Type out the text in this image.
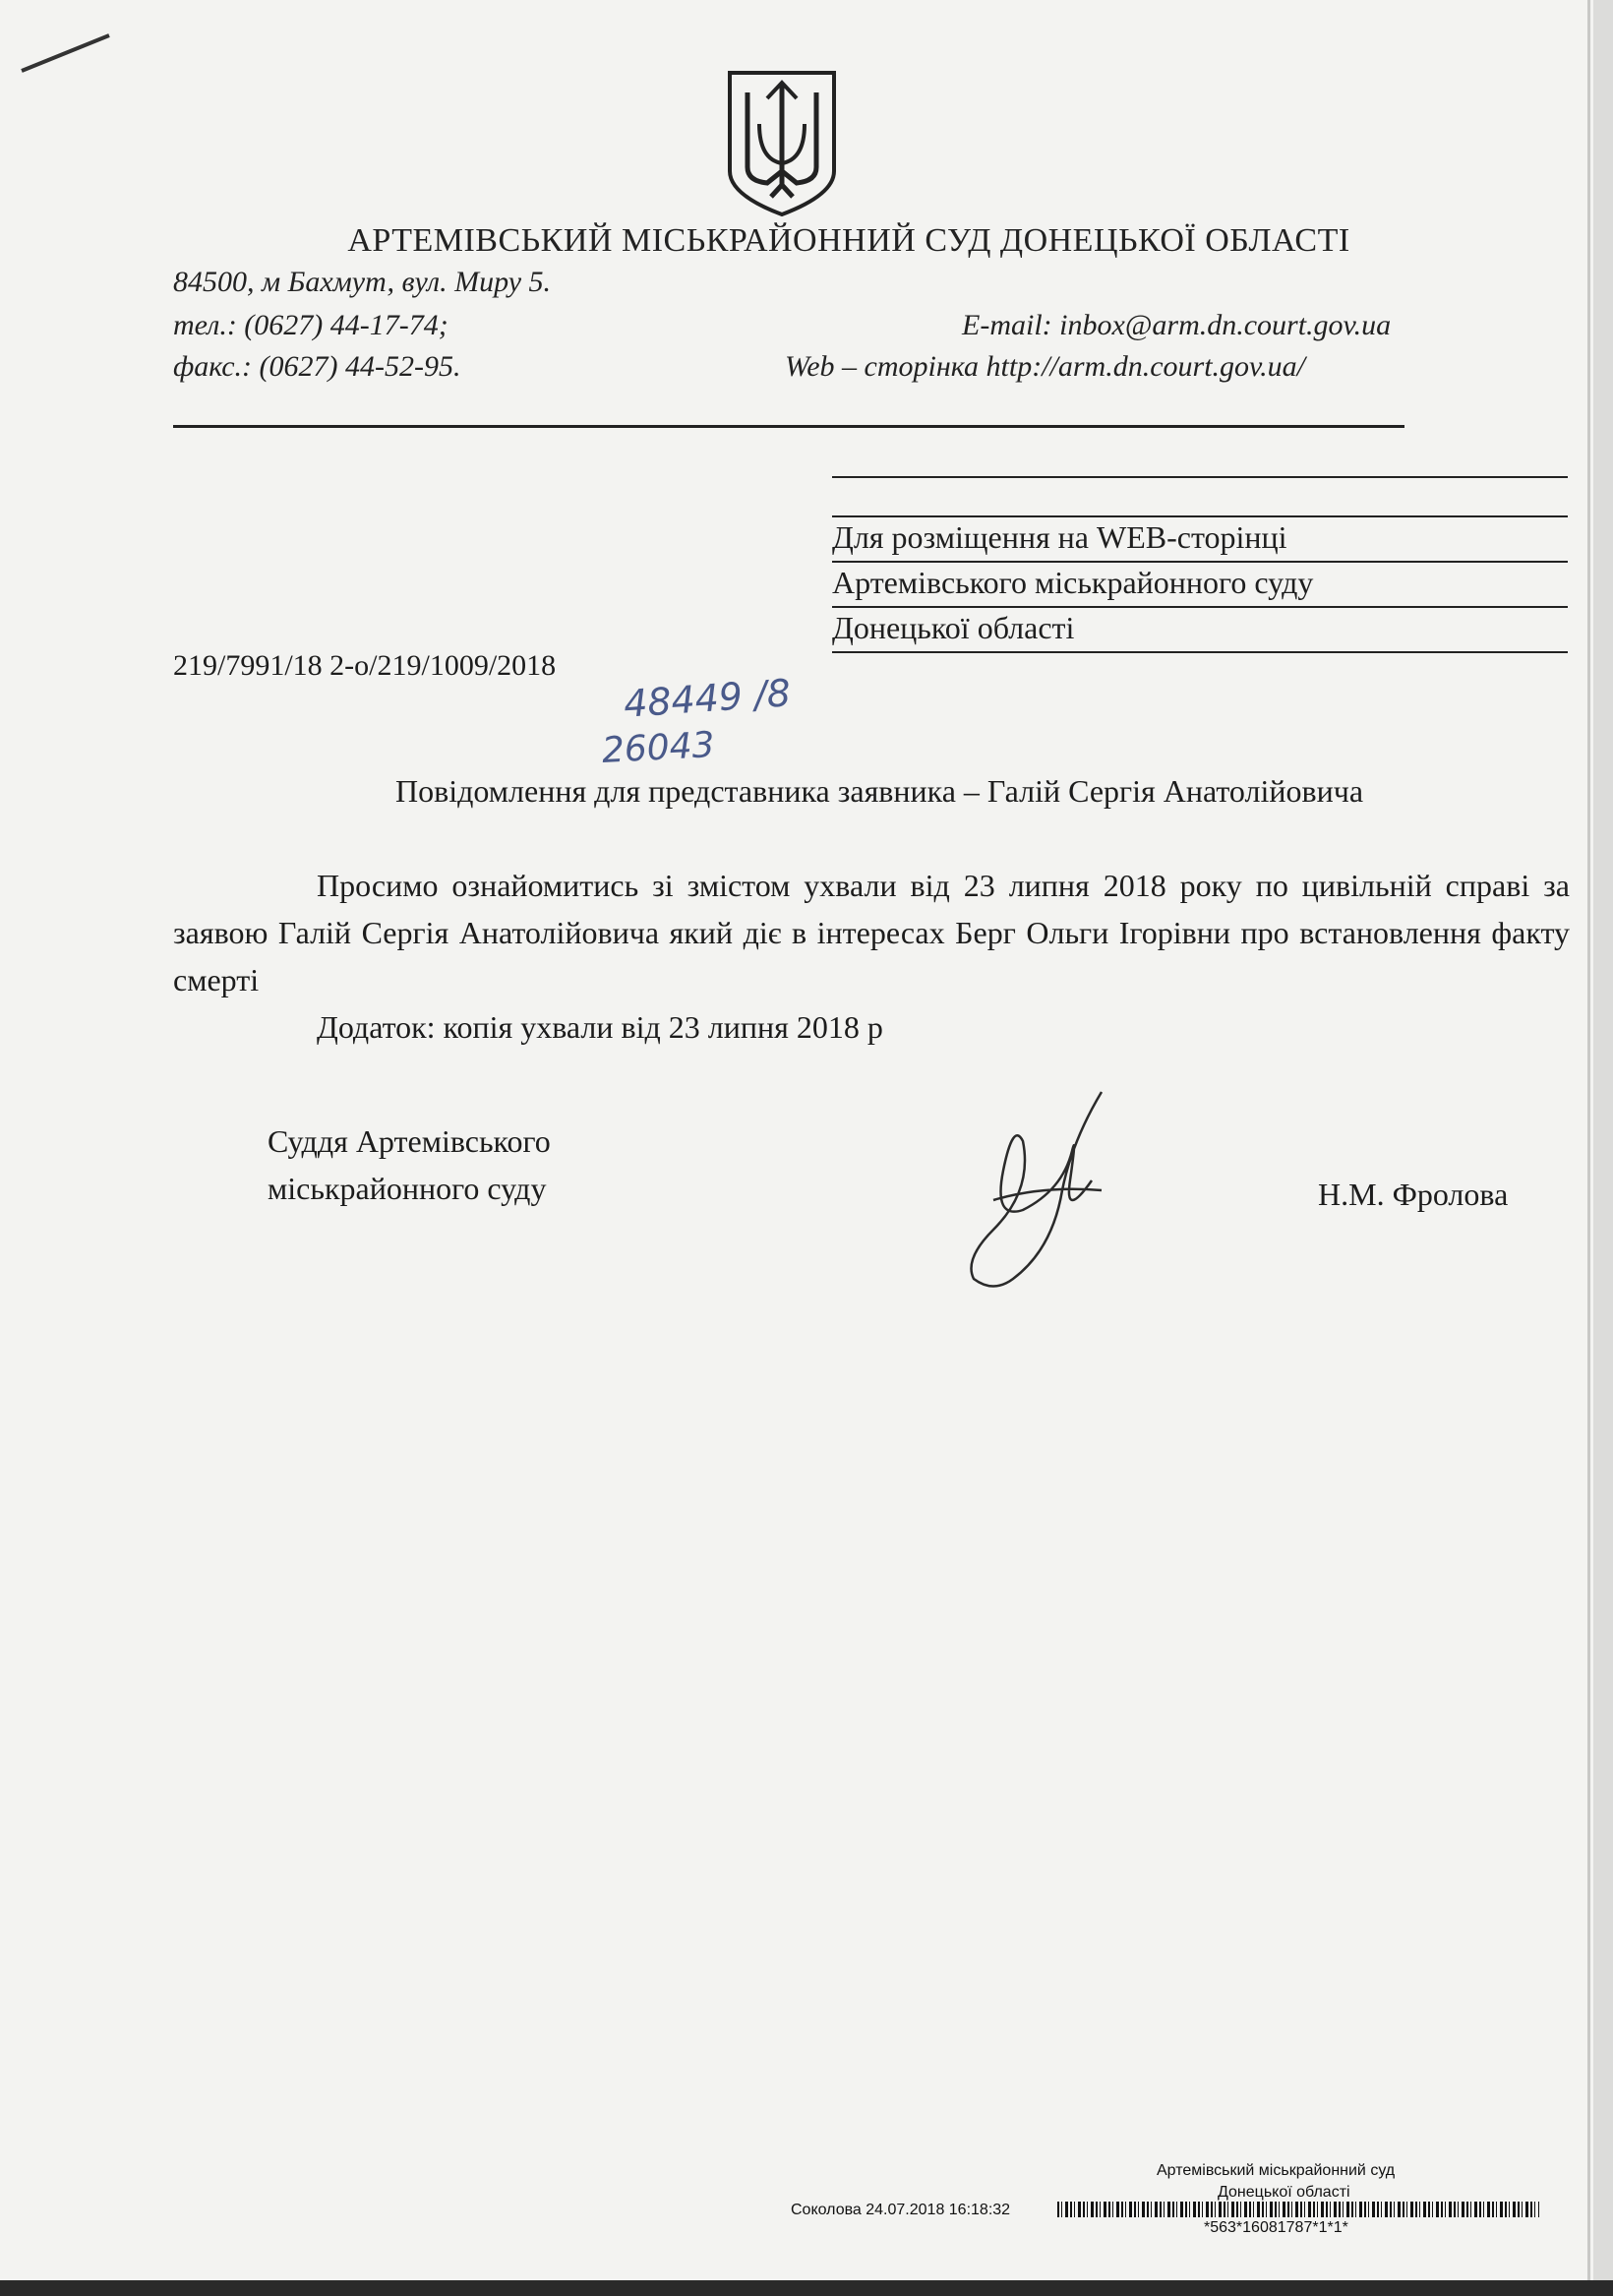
АРТЕМІВСЬКИЙ МІСЬКРАЙОННИЙ СУД ДОНЕЦЬКОЇ ОБЛАСТІ
84500, м Бахмут, вул. Миру 5.
тел.: (0627) 44-17-74;
факс.: (0627) 44-52-95.
E-mail: inbox@arm.dn.court.gov.ua
Web – сторінка http://arm.dn.court.gov.ua/
Для розміщення на WEB-сторінці
Артемівського міськрайонного суду
Донецької області
219/7991/18 2-о/219/1009/2018
48449 /8
26043
Повідомлення для представника заявника – Галій Сергія Анатолійовича

Просимо ознайомитись зі змістом ухвали від 23 липня 2018 року по цивільній справі за заявою Галій Сергія Анатолійовича який діє в інтересах Берг Ольги Ігорівни про встановлення факту смерті

Додаток: копія ухвали від 23 липня 2018 р

Суддя Артемівського
міськрайонного суду	Н.М. Фролова
Артемівський міськрайонний суд
Донецької області
Соколова 24.07.2018 16:18:32
*563*16081787*1*1*
